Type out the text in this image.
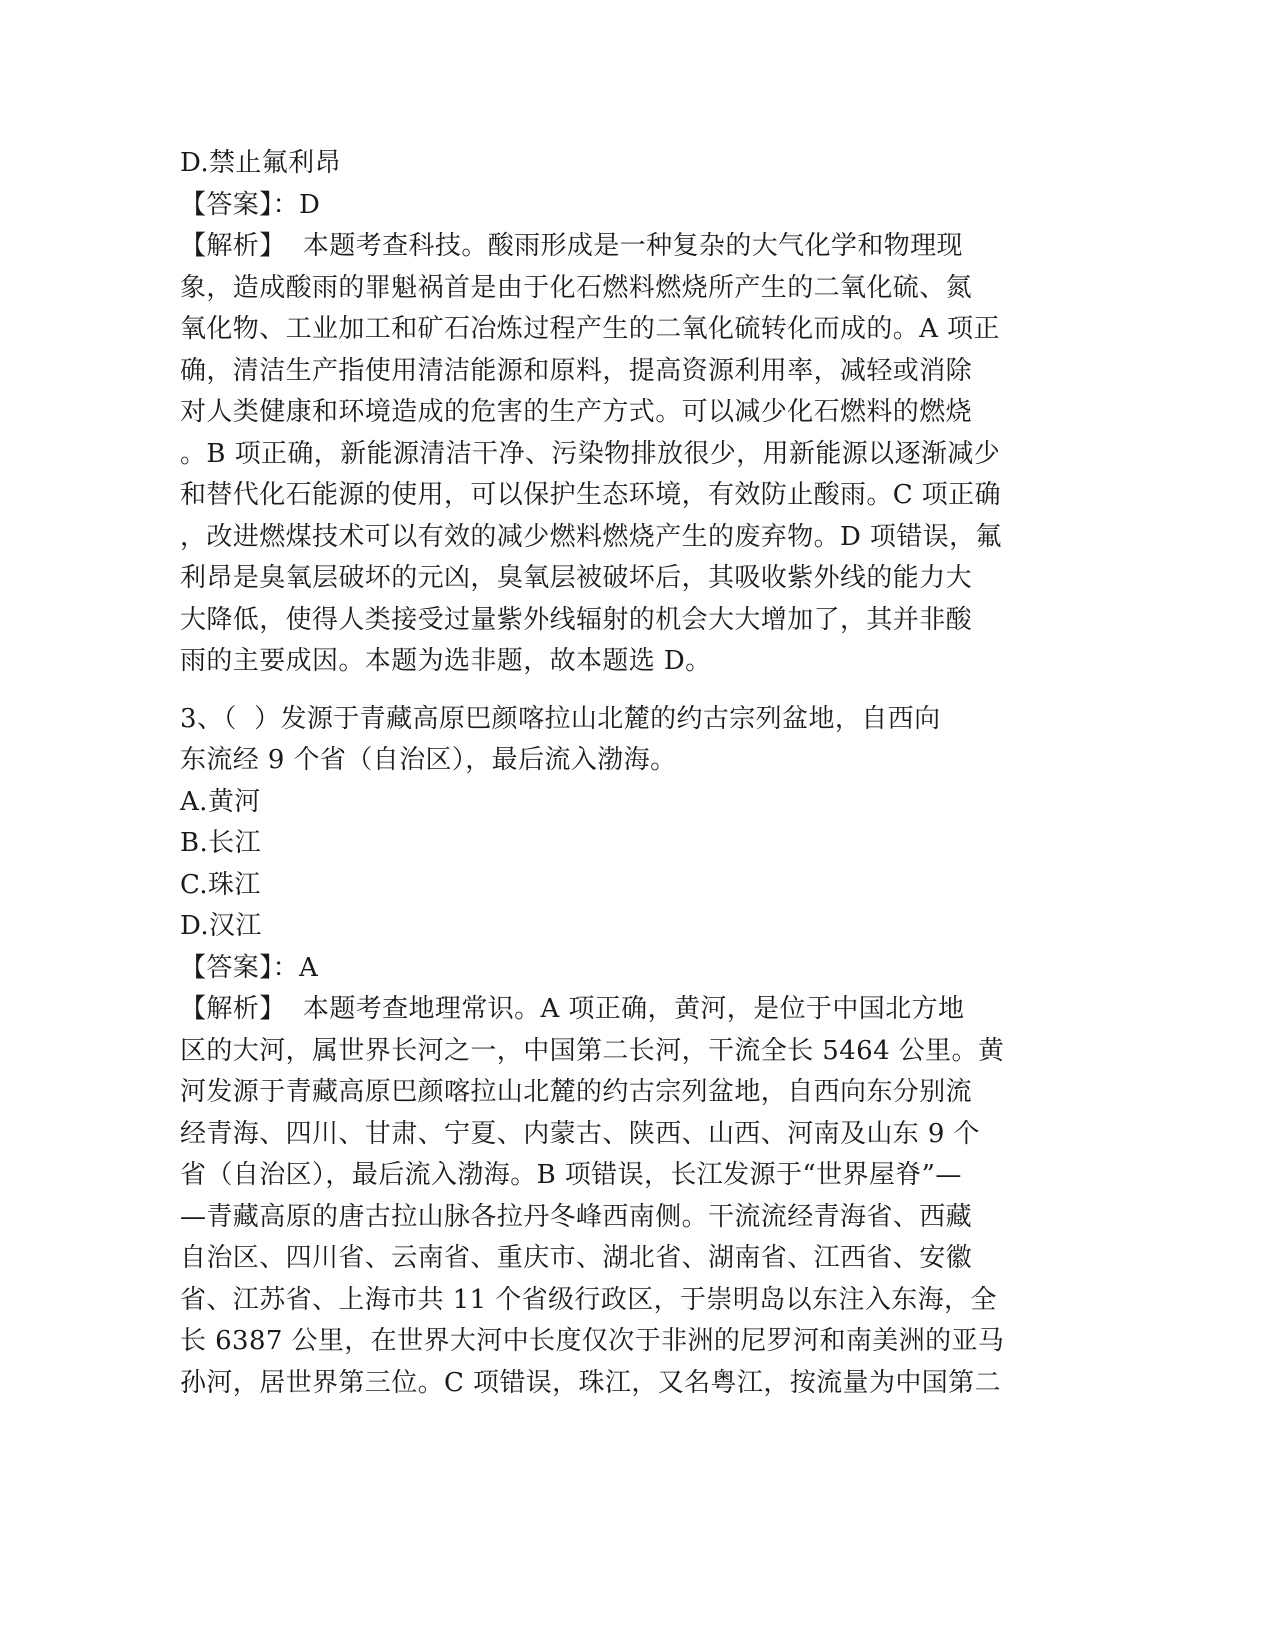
D.禁止氟利昂
【答案】：D
【解析】  本题考查科技。酸雨形成是一种复杂的大气化学和物理现
象，造成酸雨的罪魁祸首是由于化石燃料燃烧所产生的二氧化硫、氮
氧化物、工业加工和矿石冶炼过程产生的二氧化硫转化而成的。A 项正
确，清洁生产指使用清洁能源和原料，提高资源利用率，减轻或消除
对人类健康和环境造成的危害的生产方式。可以减少化石燃料的燃烧
。B 项正确，新能源清洁干净、污染物排放很少，用新能源以逐渐减少
和替代化石能源的使用，可以保护生态环境，有效防止酸雨。C 项正确
，改进燃煤技术可以有效的减少燃料燃烧产生的废弃物。D 项错误，氟
利昂是臭氧层破坏的元凶，臭氧层被破坏后，其吸收紫外线的能力大
大降低，使得人类接受过量紫外线辐射的机会大大增加了，其并非酸
雨的主要成因。本题为选非题，故本题选 D。
3、（  ）发源于青藏高原巴颜喀拉山北麓的约古宗列盆地，自西向
东流经 9 个省（自治区），最后流入渤海。
A.黄河
B.长江
C.珠江
D.汉江
【答案】：A
【解析】  本题考查地理常识。A 项正确，黄河，是位于中国北方地
区的大河，属世界长河之一，中国第二长河，干流全长 5464 公里。黄
河发源于青藏高原巴颜喀拉山北麓的约古宗列盆地，自西向东分别流
经青海、四川、甘肃、宁夏、内蒙古、陕西、山西、河南及山东 9 个
省（自治区），最后流入渤海。B 项错误，长江发源于“世界屋脊”—
—青藏高原的唐古拉山脉各拉丹冬峰西南侧。干流流经青海省、西藏
自治区、四川省、云南省、重庆市、湖北省、湖南省、江西省、安徽
省、江苏省、上海市共 11 个省级行政区，于崇明岛以东注入东海，全
长 6387 公里，在世界大河中长度仅次于非洲的尼罗河和南美洲的亚马
孙河，居世界第三位。C 项错误，珠江，又名粤江，按流量为中国第二
